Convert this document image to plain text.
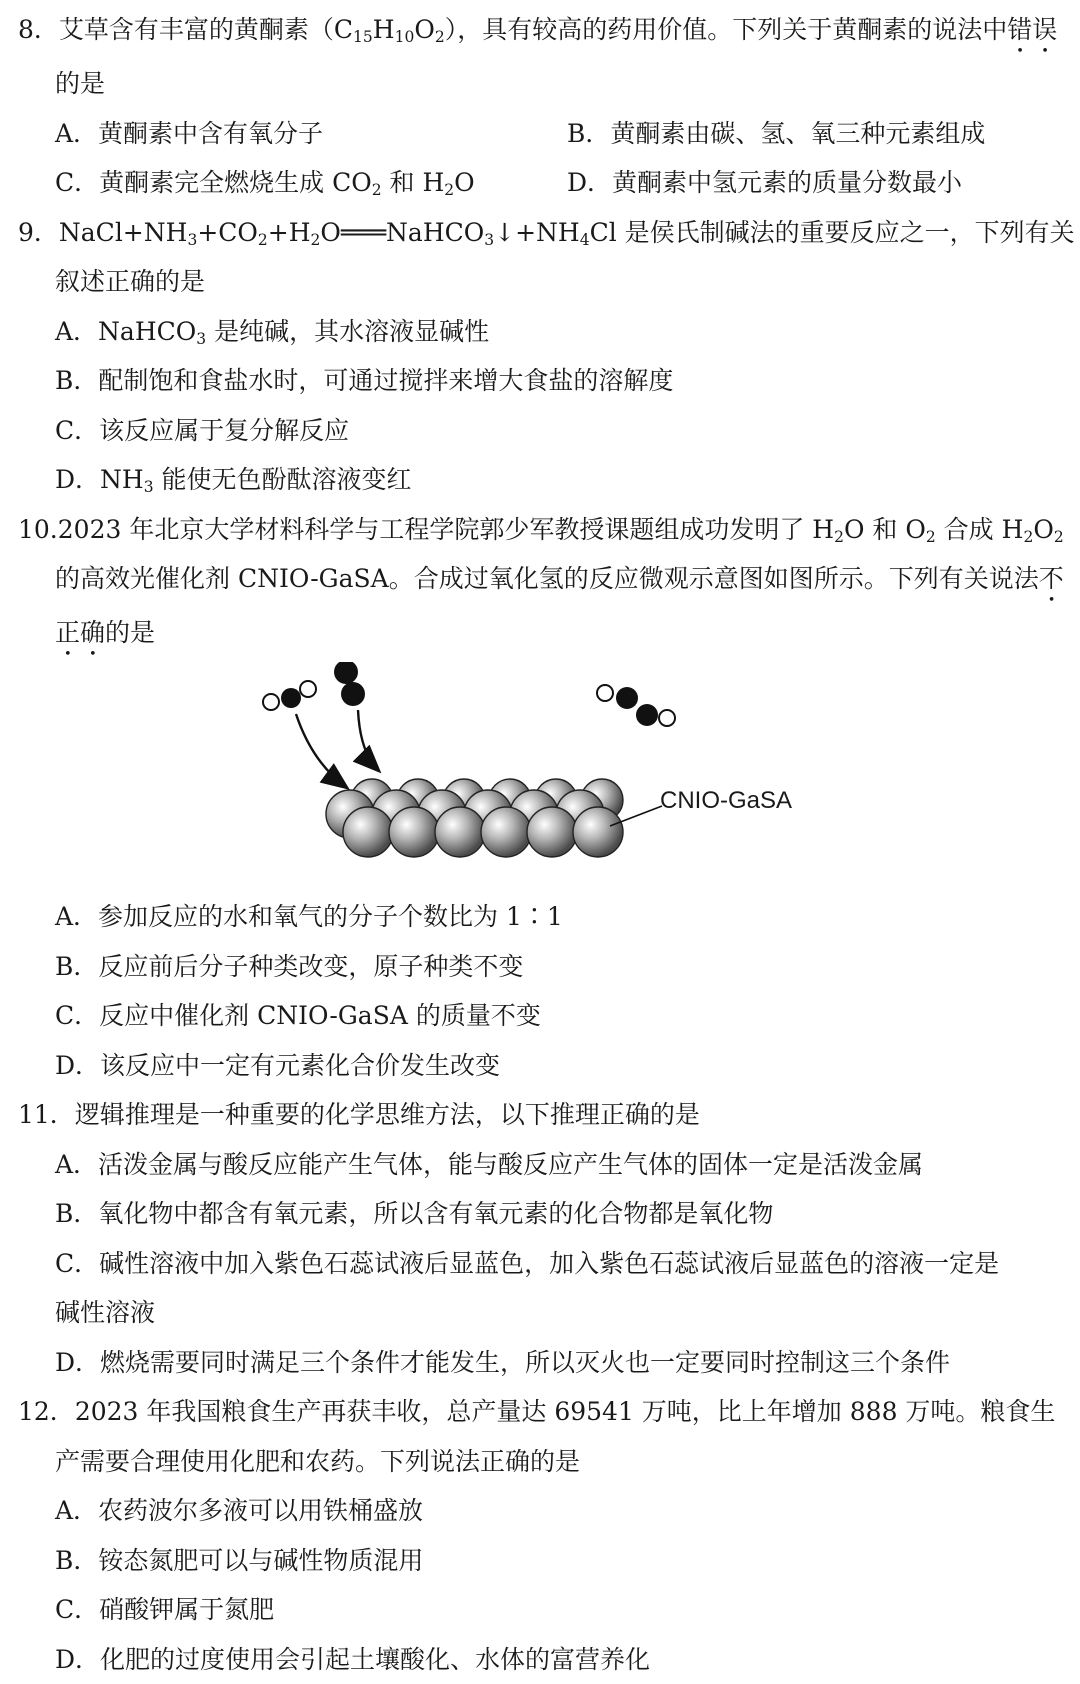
8．艾草含有丰富的黄酮素$(C_{15}H_{10}O_2)$，具有较高的药用价值。下列关于黄酮素的说法中错误的是

A．黄酮素中含有氧分子	B．黄酮素由碳、氢、氧三种元素组成
C．黄酮素完全燃烧生成 $CO_2$ 和 $H_2O$	D．黄酮素中氢元素的质量分数最小

9．$NaCl+NH_3+CO_2+H_2O═══NaHCO_3↓+NH_4Cl$ 是侯氏制碱法的重要反应之一，下列有关叙述正确的是

A．NaHCO$_3$ 是纯碱，其水溶液显碱性

B．配制饱和食盐水时，可通过搅拌来增大食盐的溶解度

C．该反应属于复分解反应

D．$NH_3$ 能使无色酚酞溶液变红

10.2023 年北京大学材料科学与工程学院郭少军教授课题组成功发明了 $H_2O$ 和 $O_2$ 合成 $H_2O_2$ 的高效光催化剂 CNIO-GaSA。合成过氧化氢的反应微观示意图如图所示。下列有关说法不正确的是

CNIO-GaSA

A．参加反应的水和氧气的分子个数比为 1∶1

B．反应前后分子种类改变，原子种类不变

C．反应中催化剂 CNIO-GaSA 的质量不变

D．该反应中一定有元素化合价发生改变

11．逻辑推理是一种重要的化学思维方法，以下推理正确的是

A．活泼金属与酸反应能产生气体，能与酸反应产生气体的固体一定是活泼金属

B．氧化物中都含有氧元素，所以含有氧元素的化合物都是氧化物

C．碱性溶液中加入紫色石蕊试液后显蓝色，加入紫色石蕊试液后显蓝色的溶液一定是

碱性溶液

D．燃烧需要同时满足三个条件才能发生，所以灭火也一定要同时控制这三个条件

12．2023 年我国粮食生产再获丰收，总产量达 69541 万吨，比上年增加 888 万吨。粮食生产需要合理使用化肥和农药。下列说法正确的是

A．农药波尔多液可以用铁桶盛放

B．铵态氮肥可以与碱性物质混用

C．硝酸钾属于氮肥

D．化肥的过度使用会引起土壤酸化、水体的富营养化
